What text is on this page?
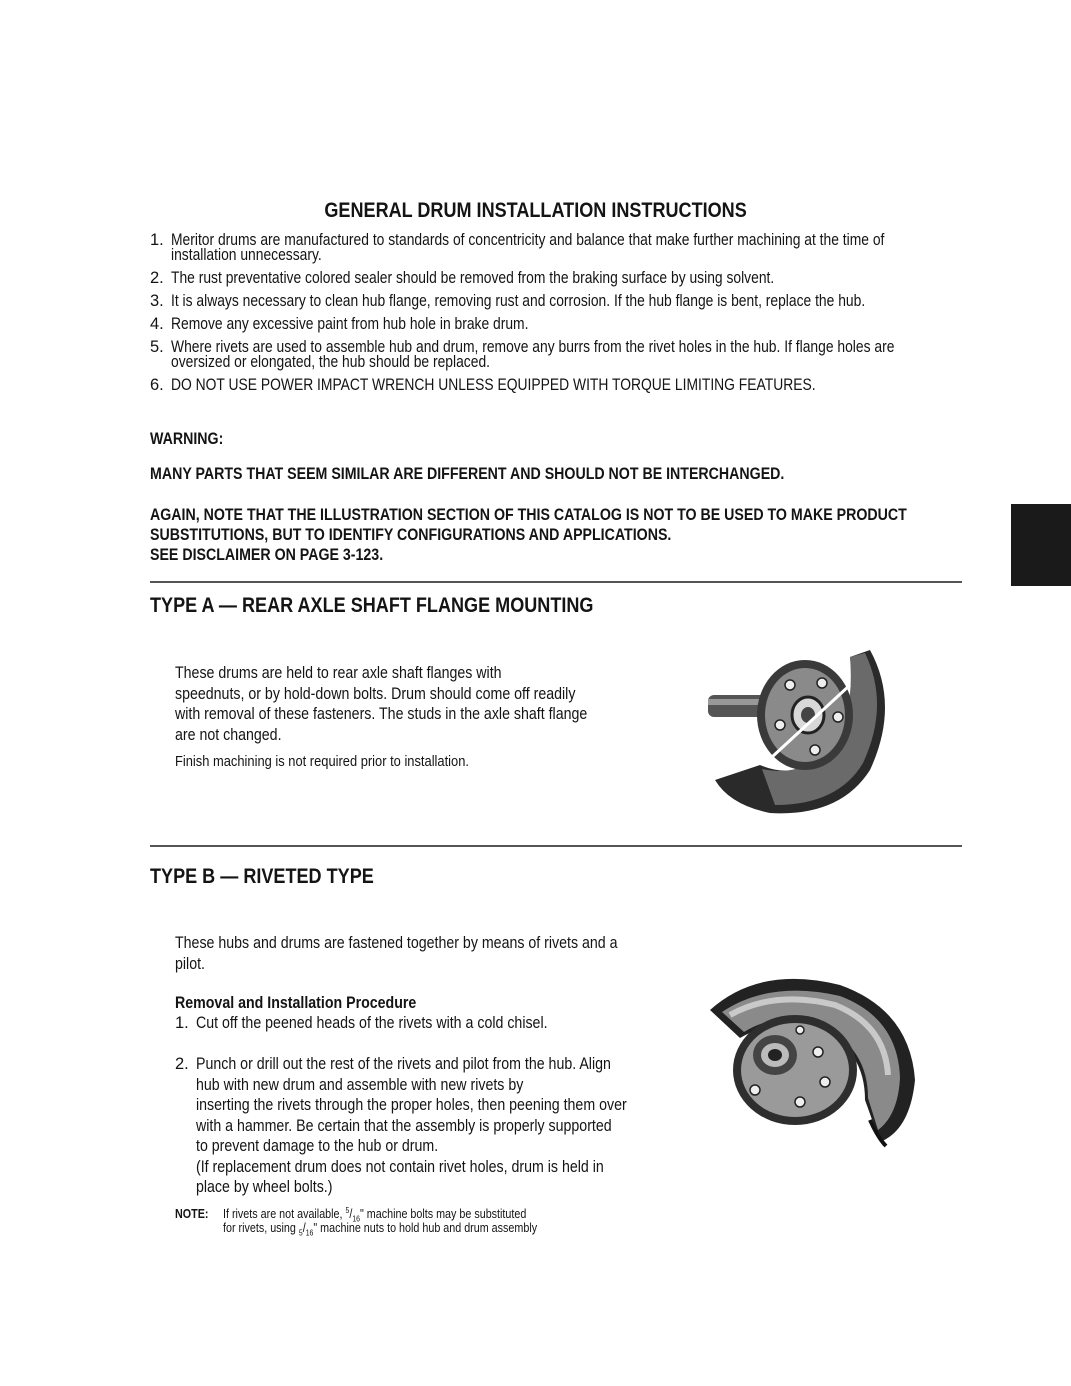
GENERAL DRUM INSTALLATION INSTRUCTIONS
1. Meritor drums are manufactured to standards of concentricity and balance that make further machining at the time ofinstallation unnecessary.
2. The rust preventative colored sealer should be removed from the braking surface by using solvent.
3. It is always necessary to clean hub flange, removing rust and corrosion. If the hub flange is bent, replace the hub.
4. Remove any excessive paint from hub hole in brake drum.
5. Where rivets are used to assemble hub and drum, remove any burrs from the rivet holes in the hub. If flange holes areoversized or elongated, the hub should be replaced.
6. DO NOT USE POWER IMPACT WRENCH UNLESS EQUIPPED WITH TORQUE LIMITING FEATURES.
WARNING:
MANY PARTS THAT SEEM SIMILAR ARE DIFFERENT AND SHOULD NOT BE INTERCHANGED.
AGAIN, NOTE THAT THE ILLUSTRATION SECTION OF THIS CATALOG IS NOT TO BE USED TO MAKE PRODUCT
SUBSTITUTIONS, BUT TO IDENTIFY CONFIGURATIONS AND APPLICATIONS.
SEE DISCLAIMER ON PAGE 3-123.
TYPE A — REAR AXLE SHAFT FLANGE MOUNTING
These drums are held to rear axle shaft flanges with
speednuts, or by hold-down bolts. Drum should come off readily
with removal of these fasteners. The studs in the axle shaft flange
are not changed.
Finish machining is not required prior to installation.
TYPE B — RIVETED TYPE
These hubs and drums are fastened together by means of rivets and a
pilot.
Removal and Installation Procedure
1. Cut off the peened heads of the rivets with a cold chisel.
2. Punch or drill out the rest of the rivets and pilot from the hub. Align
hub with new drum and assemble with new rivets by
inserting the rivets through the proper holes, then peening them over
with a hammer. Be certain that the assembly is properly supported
to prevent damage to the hub or drum.
(If replacement drum does not contain rivet holes, drum is held in
place by wheel bolts.)
NOTE:	If rivets are not available, $^5/_{16}$" machine bolts may be substituted
for rivets, using $_5/_{16}$" machine nuts to hold hub and drum assembly
